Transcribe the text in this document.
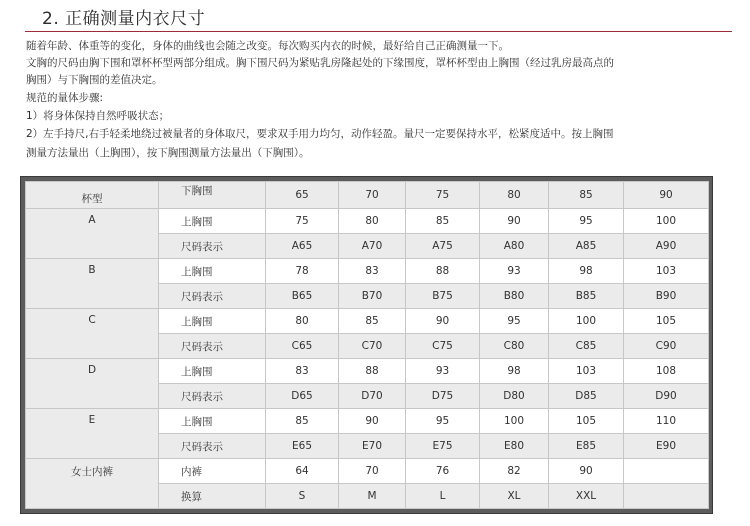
2. 正确测量内衣尺寸
随着年龄、体重等的变化，身体的曲线也会随之改变。每次购买内衣的时候，最好给自己正确测量一下。
文胸的尺码由胸下围和罩杯杯型两部分组成。胸下围尺码为紧贴乳房隆起处的下缘围度，罩杯杯型由上胸围（经过乳房最高点的
胸围）与下胸围的差值决定。
规范的量体步骤:
1）将身体保持自然呼吸状态；
2）左手持尺,右手轻柔地绕过被量者的身体取尺，要求双手用力均匀，动作轻盈。量尺一定要保持水平，松紧度适中。按上胸围
测量方法量出（上胸围），按下胸围测量方法量出（下胸围）。
杯型	下胸围	65	70	75	80	85	90
A	上胸围	75	80	85	90	95	100
	尺码表示	A65	A70	A75	A80	A85	A90
B	上胸围	78	83	88	93	98	103
	尺码表示	B65	B70	B75	B80	B85	B90
C	上胸围	80	85	90	95	100	105
	尺码表示	C65	C70	C75	C80	C85	C90
D	上胸围	83	88	93	98	103	108
	尺码表示	D65	D70	D75	D80	D85	D90
E	上胸围	85	90	95	100	105	110
	尺码表示	E65	E70	E75	E80	E85	E90
女士内裤	内裤	64	70	76	82	90	
	换算	S	M	L	XL	XXL	
